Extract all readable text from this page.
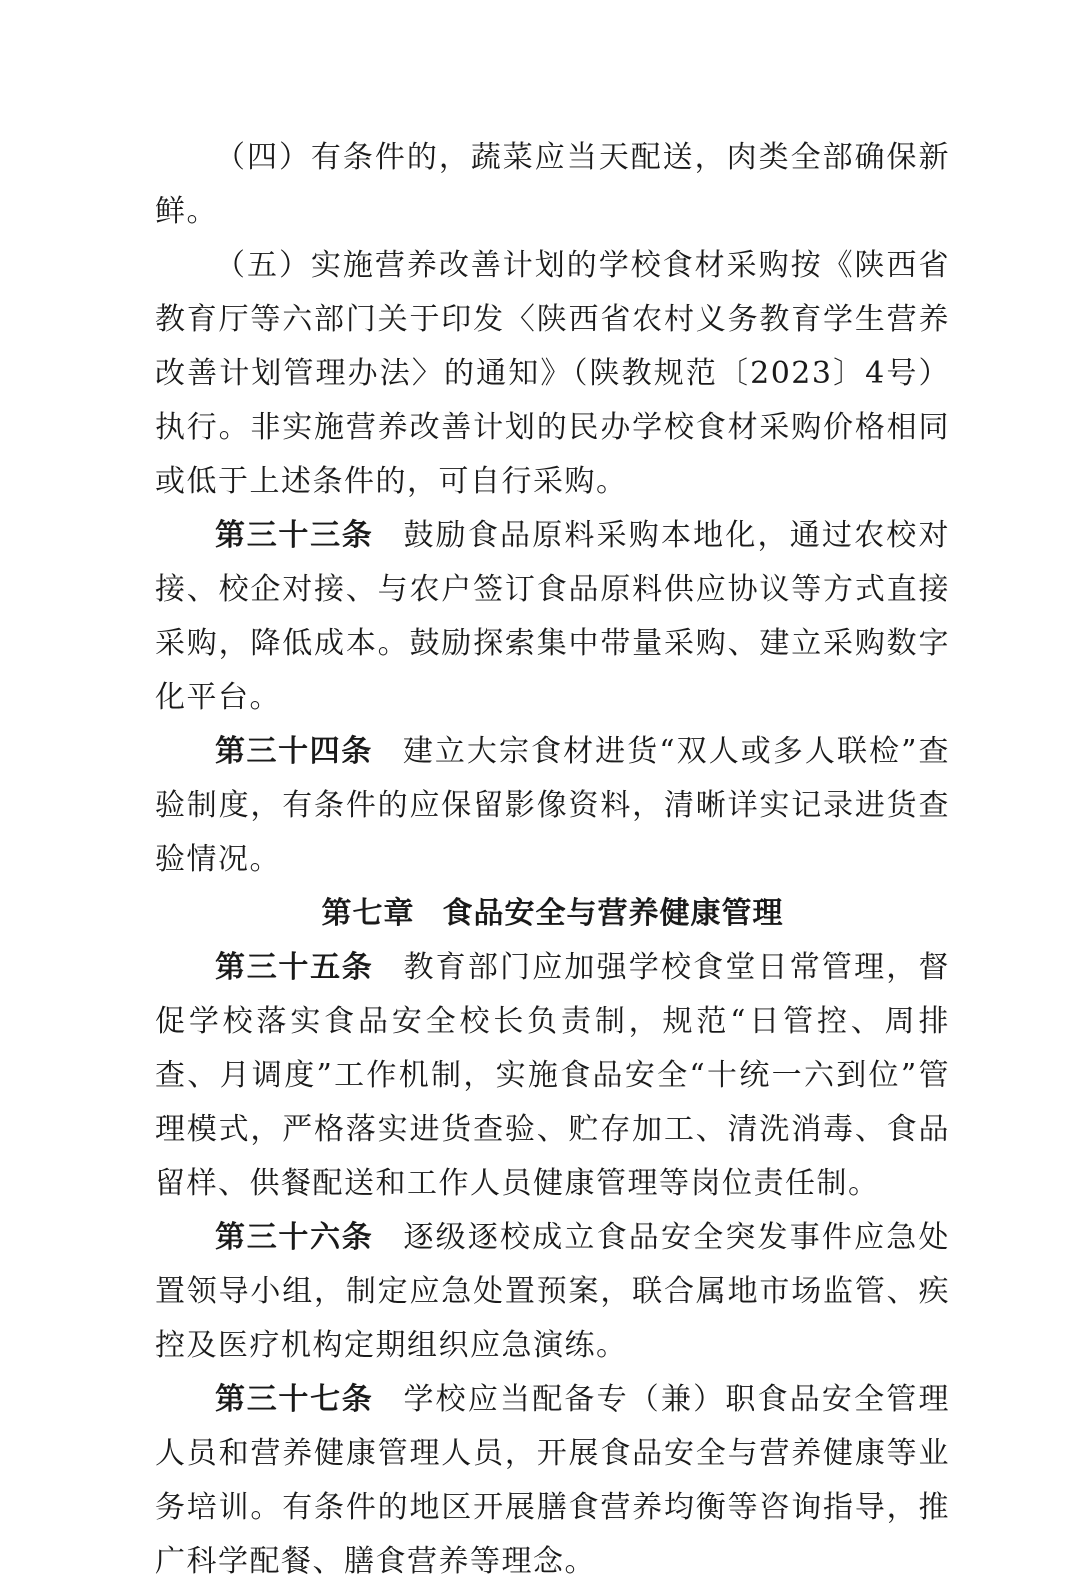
（四）有条件的，蔬菜应当天配送，肉类全部确保新鲜。

（五）实施营养改善计划的学校食材采购按《陕西省教育厅等六部门关于印发〈陕西省农村义务教育学生营养改善计划管理办法〉的通知》（陕教规范〔2023〕4号）执行。非实施营养改善计划的民办学校食材采购价格相同或低于上述条件的，可自行采购。

第三十三条 鼓励食品原料采购本地化，通过农校对接、校企对接、与农户签订食品原料供应协议等方式直接采购，降低成本。鼓励探索集中带量采购、建立采购数字化平台。

第三十四条 建立大宗食材进货“双人或多人联检”查验制度，有条件的应保留影像资料，清晰详实记录进货查验情况。

第七章 食品安全与营养健康管理

第三十五条 教育部门应加强学校食堂日常管理，督促学校落实食品安全校长负责制，规范“日管控、周排查、月调度”工作机制，实施食品安全“十统一六到位”管理模式，严格落实进货查验、贮存加工、清洗消毒、食品留样、供餐配送和工作人员健康管理等岗位责任制。

第三十六条 逐级逐校成立食品安全突发事件应急处置领导小组，制定应急处置预案，联合属地市场监管、疾控及医疗机构定期组织应急演练。

第三十七条 学校应当配备专（兼）职食品安全管理人员和营养健康管理人员，开展食品安全与营养健康等业务培训。有条件的地区开展膳食营养均衡等咨询指导，推广科学配餐、膳食营养等理念。
